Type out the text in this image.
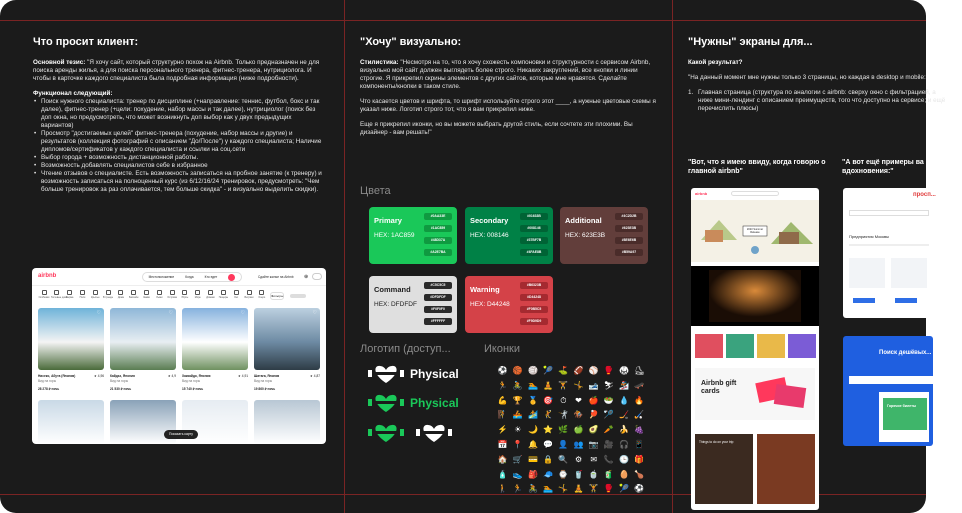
Что просит клиент:

Основной тезис: "Я хочу сайт, который структурно похож на Airbnb. Только предназначен не для поиска аренды жилья, а для поиска персонального тренера, фитнес-тренера, нутрициолога. И чтобы в карточке каждого специалиста была подробная информация (ниже подробности).

Функционал следующий:
• Поиск нужного специалиста: тренер по дисциплине (+направление: теннис, футбол, бокс и так далее), фитнес-тренер (+цели: похудение, набор массы и так далее), нутрициолог (поиск без доп окна, но предусмотреть, что может возникнуть доп выбор как у двух предыдущих вариантов)
• Просмотр "достигаемых целей" фитнес-тренера (похудение, набор массы и другие) и результатов (коллекция фотографий с описанием "До/После") у каждого специалиста; Наличие дипломов/сертификатов у каждого специалиста и ссылки на соц.сети
• Выбор города + возможность дистанционной работы.
• Возможность добавлять специалистов себе в избранное
• Чтение отзывов о специалисте. Есть возможность записаться на пробное занятие (к тренеру) и возможность записаться на полноценный курс (из 6/12/16/24 тренировок, предусмотреть: "Чем больше тренировок за раз оплачивается, тем больше скидка" - и визуально выделить скидки).
airbnb	Местоположение	Когда	Кто едет	Сдайте жилье на Airbnb ⊕
Особняки Гостевые дома
Ферма	Поля Крытые В тренде Дома Бассейн Замки	Лыжи Острова Юрты	Море Домики Пещеры	Лес	Ветряки Озеро	Фильтры
♡
Нисеко, Абута (Япония)
Вид на горы
28 278 ₽ ночь
★ 4,96
♡
Кайдзэ, Япония
Вид на горы
21 530 ₽ ночь
★ 4,9
♡
Хаккайдо, Япония
Вид на горы
15 740 ₽ ночь
★ 4,91
♡
Шитага, Япония
Вид на горы
19 860 ₽ ночь
★ 4,87
Показать карту
"Хочу" визуально:

Стилистика: "Несмотря на то, что я хочу схожесть компоновки и структурности с сервисом Airbnb, визуально мой сайт должен выглядеть более строго. Никаких закруглений, все кнопки и линии строгие. Я прикрепил скрины элементов с других сайтов, которые мне нравятся. Сделайте компоненты/кнопки в таком стиле.

Что касается цветов и шрифта, то шрифт используйте строго этот ____, а нужные цветовые схемы я указал ниже. Логотип строго тот, что я вам прикрепил ниже.

Еще я прикрепил иконки, но вы можете выбрать другой стиль, если сочтете эти плохими. Вы дизайнер - вам решать!"

Цвета
Primary
HEX: 1AC859
#0AA33E
#1AC859
#48D37A
#A2E7BA
Secondary
HEX: 008146
#01633B
#008146
#37BF7B
#4FAE8B
Additional
HEX: 623E3B
#4C2D2B
#623E3B
#8E6E6B
#B59A97
Command
HEX: DFDFDF
#C5C5C5
#DFDFDF
#F0F0F0
#FFFFFF
Warning
HEX: D44248
#B6323B
#D44248
#F0B5C5
#F9D9D9
Логотип (доступ...	Иконки
Physical
Physical
⚽ 🏀 🏐 🎾 ⛳ 🏈 ⚾ 🥊 🥋 ⛸
🏃 🚴 🏊 🧘 🏋 🤸 🎿 ⛷ 🏂 🛹
💪 🏆 🥇 🎯 ⏱	❤ 🍎 🥗 💧 🔥
🧗 🚣 🏄 🤾 🤺 🏇 🏓 🏸 🏒 🏑
⚡ ☀ 🌙 ⭐ 🌿 🍏 🥑 🥕 🍌 🍇
📅 📍 🔔 💬 👤 👥 📷 🎥 🎧 📱
🏠 🛒 💳 🔒 🔍 ⚙	✉ 📞 🕒 🎁
🧴 👟 🎒 🧢 ⌚ 🥤 🍵 🧃 🥚 🍗
🚶 🏃 🚴 🏊 🤸 🧘 🏋 🥊 🎾 ⚽
"Нужны" экраны для...

Какой результат?

"На данный момент мне нужны только 3 страницы, но каждая в desktop и mobile:

1. Главная страница (структура по аналогии с airbnb: сверху окно с фильтрацией, а ниже мини-лендинг с описанием преимуществ, того что доступно на сервисе; и ещё перечислить плюсы)
"Вот, что я имею ввиду, когда говорю о главной airbnb"
"А вот ещё примеры ва вдохновения:"
airbnb
2023 Summer Release
Airbnb gift cards
Things to do on your trip
просп...
Предприятия Москвы
Поиск дешёвых...
Горячие билеты
